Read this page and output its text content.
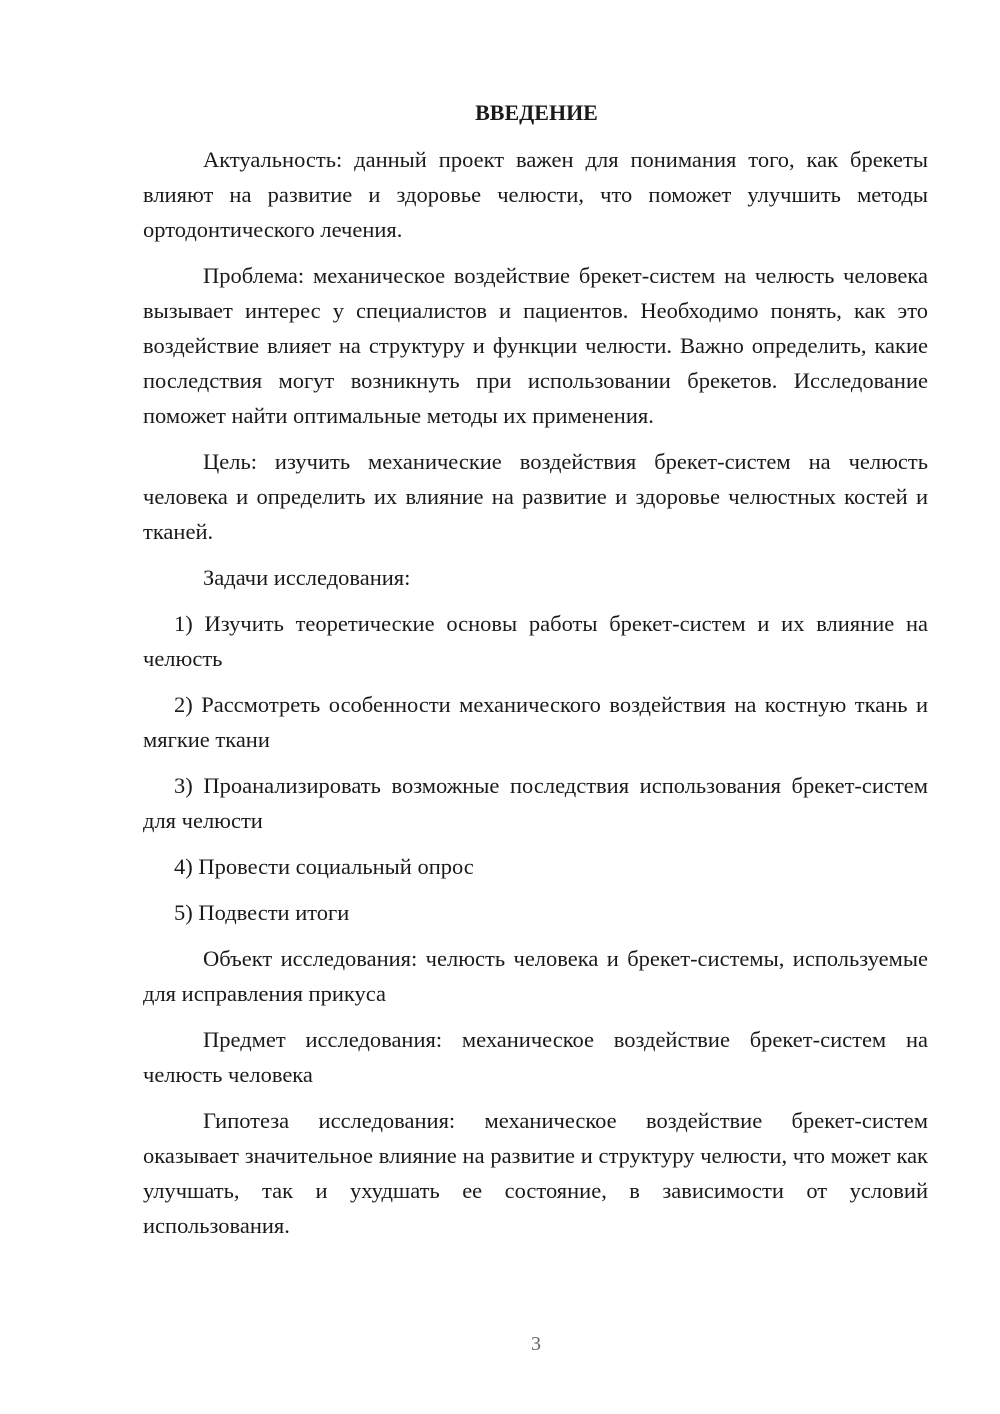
ВВЕДЕНИЕ

Актуальность: данный проект важен для понимания того, как брекеты влияют на развитие и здоровье челюсти, что поможет улучшить методы ортодонтического лечения.

Проблема: механическое воздействие брекет-систем на челюсть человека вызывает интерес у специалистов и пациентов. Необходимо понять, как это воздействие влияет на структуру и функции челюсти. Важно определить, какие последствия могут возникнуть при использовании брекетов. Исследование поможет найти оптимальные методы их применения.

Цель: изучить механические воздействия брекет-систем на челюсть человека и определить их влияние на развитие и здоровье челюстных костей и тканей.

Задачи исследования:

1) Изучить теоретические основы работы брекет-систем и их влияние на челюсть

2) Рассмотреть особенности механического воздействия на костную ткань и мягкие ткани

3) Проанализировать возможные последствия использования брекет-систем для челюсти

4) Провести социальный опрос

5) Подвести итоги

Объект исследования: челюсть человека и брекет-системы, используемые для исправления прикуса

Предмет исследования: механическое воздействие брекет-систем на челюсть человека

Гипотеза исследования: механическое воздействие брекет-систем оказывает значительное влияние на развитие и структуру челюсти, что может как улучшать, так и ухудшать ее состояние, в зависимости от условий использования.

3
